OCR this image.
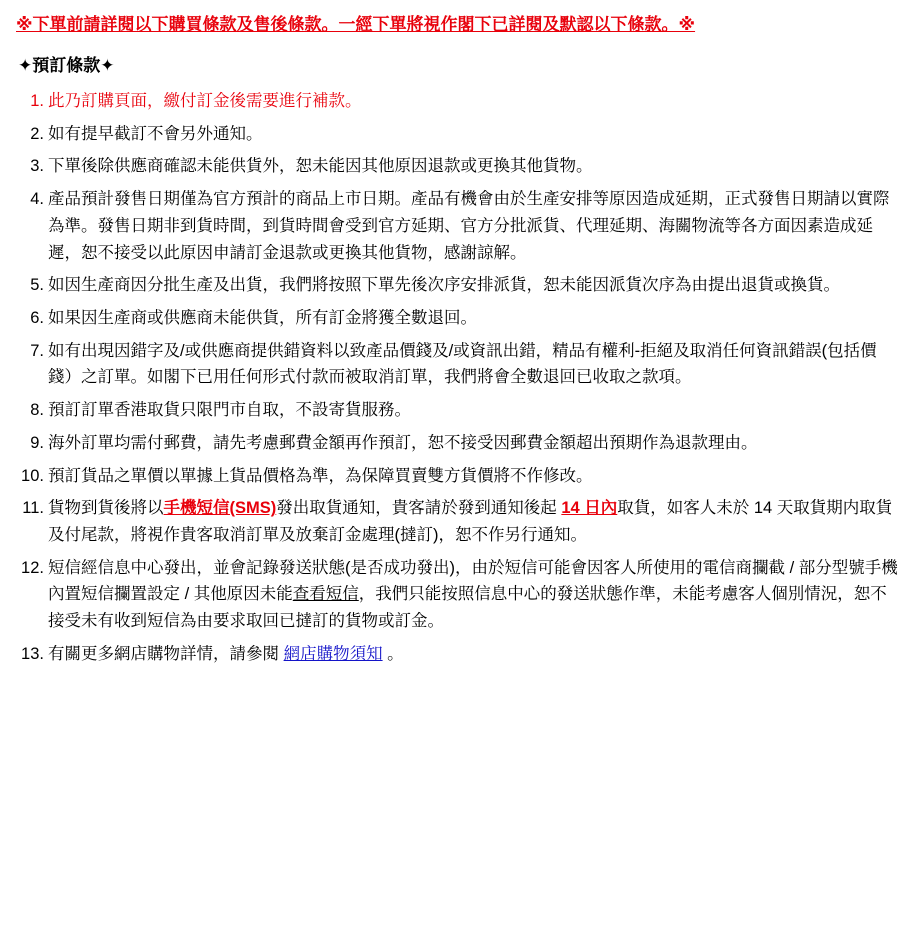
※下單前請詳閱以下購買條款及售後條款。一經下單將視作閣下已詳閱及默認以下條款。※
✦預訂條款✦
此乃訂購頁面，繳付訂金後需要進行補款。
如有提早截訂不會另外通知。
下單後除供應商確認未能供貨外，恕未能因其他原因退款或更換其他貨物。
產品預計發售日期僅為官方預計的商品上市日期。產品有機會由於生產安排等原因造成延期，正式發售日期請以實際為準。發售日期非到貨時間，到貨時間會受到官方延期、官方分批派貨、代理延期、海關物流等各方面因素造成延遲，恕不接受以此原因申請訂金退款或更換其他貨物，感謝諒解。
如因生產商因分批生產及出貨，我們將按照下單先後次序安排派貨，恕未能因派貨次序為由提出退貨或換貨。
如果因生產商或供應商未能供貨，所有訂金將獲全數退回。
如有出現因錯字及/或供應商提供錯資料以致產品價錢及/或資訊出錯，精品有權利-拒絕及取消任何資訊錯誤(包括價錢）之訂單。如閣下已用任何形式付款而被取消訂單，我們將會全數退回已收取之款項。
預訂訂單香港取貨只限門市自取，不設寄貨服務。
海外訂單均需付郵費，請先考慮郵費金額再作預訂，恕不接受因郵費金額超出預期作為退款理由。
預訂貨品之單價以單據上貨品價格為準，為保障買賣雙方貨價將不作修改。
貨物到貨後將以手機短信(SMS)發出取貨通知，貴客請於發到通知後起 14 日內取貨，如客人未於 14 天取貨期内取貨及付尾款，將視作貴客取消訂單及放棄訂金處理(撻訂)，恕不作另行通知。
短信經信息中心發出，並會記錄發送狀態(是否成功發出)，由於短信可能會因客人所使用的電信商攔截 / 部分型號手機內置短信攔置設定 / 其他原因未能查看短信，我們只能按照信息中心的發送狀態作準，未能考慮客人個別情況，恕不接受未有收到短信為由要求取回已撻訂的貨物或訂金。
有關更多網店購物詳情，請參閱 網店購物須知 。
